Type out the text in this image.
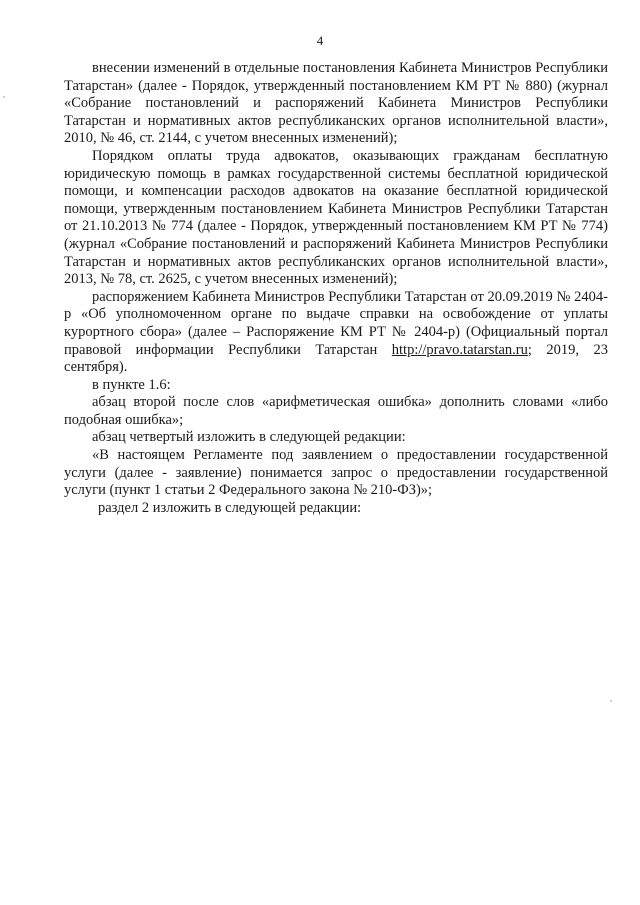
4

внесении изменений в отдельные постановления Кабинета Министров Республики Татарстан» (далее - Порядок, утвержденный постановлением КМ РТ № 880) (журнал «Собрание постановлений и распоряжений Кабинета Министров Республики Татарстан и нормативных актов республиканских органов исполнительной власти», 2010, № 46, ст. 2144, с учетом внесенных изменений);

Порядком оплаты труда адвокатов, оказывающих гражданам бесплатную юридическую помощь в рамках государственной системы бесплатной юридической помощи, и компенсации расходов адвокатов на оказание бесплатной юридической помощи, утвержденным постановлением Кабинета Министров Республики Татарстан от 21.10.2013 № 774 (далее - Порядок, утвержденный постановлением КМ РТ № 774) (журнал «Собрание постановлений и распоряжений Кабинета Министров Республики Татарстан и нормативных актов республиканских органов исполнительной власти», 2013, № 78, ст. 2625, с учетом внесенных изменений);

распоряжением Кабинета Министров Республики Татарстан от 20.09.2019 № 2404-р «Об уполномоченном органе по выдаче справки на освобождение от уплаты курортного сбора» (далее – Распоряжение КМ РТ № 2404-р) (Официальный портал правовой информации Республики Татарстан http://pravo.tatarstan.ru; 2019, 23 сентября).

в пункте 1.6:

абзац второй после слов «арифметическая ошибка» дополнить словами «либо подобная ошибка»;

абзац четвертый изложить в следующей редакции:

«В настоящем Регламенте под заявлением о предоставлении государственной услуги (далее - заявление) понимается запрос о предоставлении государственной услуги (пункт 1 статьи 2 Федерального закона № 210-ФЗ)»;

раздел 2 изложить в следующей редакции:
